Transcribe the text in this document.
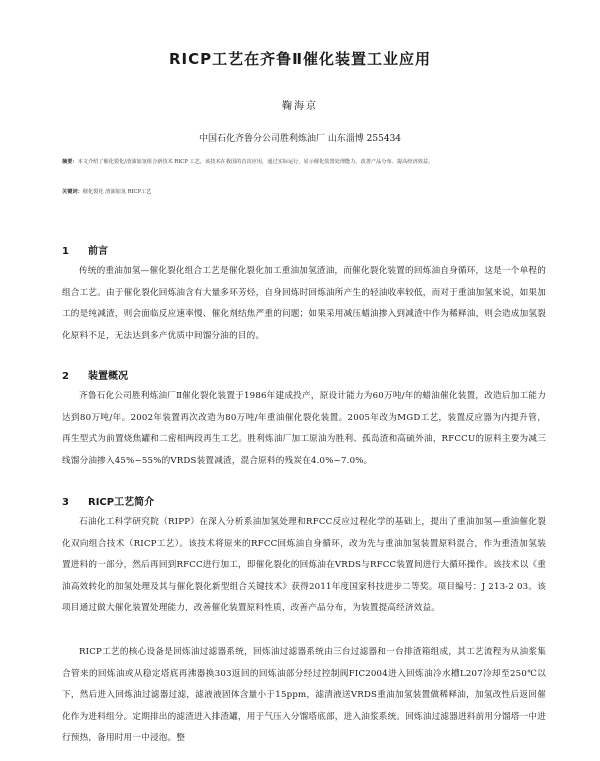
RICP工艺在齐鲁Ⅱ催化装置工业应用
鞠海京
中国石化齐鲁分公司胜利炼油厂 山东淄博 255434
摘要：本文介绍了催化裂化/渣油加氢组合新技术 RICP 工艺，该技术在我国的首次应用，通过实际运行，显示催化装置处理能力、改善产品分布、提高经济效益。
关键词：催化裂化 渣油加氢 RICP工艺
1 前言
传统的重油加氢—催化裂化组合工艺是催化裂化加工重油加氢渣油，而催化裂化装置的回炼油自身循环，这是一个单程的组合工艺。由于催化裂化回炼油含有大量多环芳烃，自身回炼时回炼油所产生的轻油收率较低，而对于重油加氢来说，如果加工的是纯减渣，则会面临反应速率慢、催化剂结焦严重的问题；如果采用减压蜡油掺入到减渣中作为稀释油，则会造成加氢裂化原料不足，无法达到多产优质中间馏分油的目的。
2 装置概况
齐鲁石化公司胜利炼油厂Ⅱ催化裂化装置于1986年建成投产，原设计能力为60万吨/年的蜡油催化装置，改造后加工能力达到80万吨/年。2002年装置再次改造为80万吨/年重油催化裂化装置。2005年改为MGD工艺，装置反应器为内提升管，再生型式为前置烧焦罐和二密相两段再生工艺。胜利炼油厂加工原油为胜利、孤岛渣和高硫外油，RFCCU的原料主要为减三线馏分油掺入45%~55%的VRDS装置减渣，混合原料的残炭在4.0%~7.0%。
3 RICP工艺简介
石油化工科学研究院（RIPP）在深入分析系油加氢处理和RFCC反应过程化学的基础上，提出了重油加氢—重油催化裂化双向组合技术（RICP工艺）。该技术将原来的RFCC回炼油自身循环，改为先与重油加氢装置原料混合，作为重渣加氢装置进料的一部分，然后再回到RFCC进行加工，即催化裂化的回炼油在VRDS与RFCC装置间进行大循环操作。该技术以《重油高效转化的加氢处理及其与催化裂化新型组合关键技术》获得2011年度国家科技进步二等奖。项目编号：J 213-2 03。该项目通过做大催化装置处理能力，改善催化装置原料性质，改善产品分布，为装置提高经济效益。
RICP工艺的核心设备是回炼油过滤器系统，回炼油过滤器系统由三台过滤器和一台排渣箱组成，其工艺流程为从油浆集合管来的回炼油或从稳定塔底再沸器换303返回的回炼油部分经过控制阀FIC2004进入回炼油冷水槽L207冷却至250℃以下，然后进入回炼油过滤器过滤，滤液液固体含量小于15ppm，滤清液送VRDS重油加氢装置做稀释油，加氢改性后返回催化作为进料组分。定期排出的滤渣进入排渣罐，用于气压入分馏塔底部，进入油浆系统。回炼油过滤器进料前用分馏塔一中进行预热，备用时用一中浸泡。整
